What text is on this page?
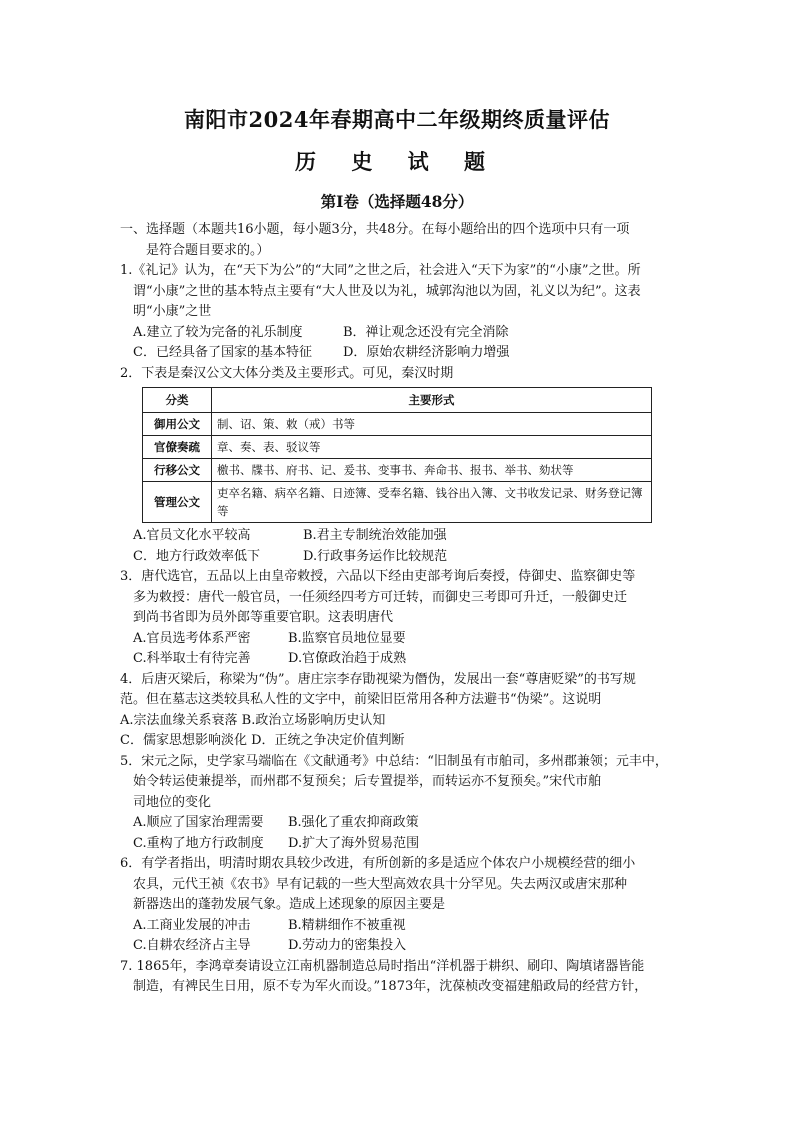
南阳市2024年春期高中二年级期终质量评估
历 史 试 题
第I卷（选择题48分）

一、选择题（本题共16小题，每小题3分，共48分。在每小题给出的四个选项中只有一项

是符合题目要求的。）

1.《礼记》认为，在“天下为公”的“大同”之世之后，社会进入“天下为家”的“小康”之世。所

谓“小康”之世的基本特点主要有“大人世及以为礼，城郭沟池以为固，礼义以为纪”。这表

明“小康”之世

A.建立了较为完备的礼乐制度	B．禅让观念还没有完全消除
C．已经具备了国家的基本特征	D．原始农耕经济影响力增强

2．下表是秦汉公文大体分类及主要形式。可见，秦汉时期

分类	主要形式
御用公文	制、诏、策、敕（戒）书等
官僚奏疏	章、奏、表、驳议等
行移公文	檄书、牒书、府书、记、爰书、变事书、奔命书、报书、举书、劾状等
管理公文	吏卒名籍、病卒名籍、日迹簿、受奉名籍、钱谷出入簿、文书收发记录、财务登记簿等
A.官员文化水平较高	B.君主专制统治效能加强
C．地方行政效率低下	D.行政事务运作比较规范

3．唐代选官，五品以上由皇帝敕授，六品以下经由吏部考询后奏授，侍御史、监察御史等

多为敕授：唐代一般官员，一任须经四考方可迁转，而御史三考即可升迁，一般御史迁

到尚书省即为员外郎等重要官职。这表明唐代

A.官员选考体系严密	B.监察官员地位显要
C.科举取士有待完善	D.官僚政治趋于成熟

4．后唐灭梁后，称梁为“伪”。唐庄宗李存勖视梁为僭伪，发展出一套“尊唐贬梁”的书写规

范。但在墓志这类较具私人性的文字中，前梁旧臣常用各种方法避书“伪梁”。这说明

A.宗法血缘关系衰落 B.政治立场影响历史认知

C．儒家思想影响淡化 D．正统之争决定价值判断

5．宋元之际，史学家马端临在《文献通考》中总结：“旧制虽有市舶司，多州郡兼领；元丰中，

始令转运使兼提举，而州郡不复预矣；后专置提举，而转运亦不复预矣。”宋代市舶

司地位的变化

A.顺应了国家治理需要	B.强化了重农抑商政策
C.重构了地方行政制度	D.扩大了海外贸易范围

6．有学者指出，明清时期农具较少改进，有所创新的多是适应个体农户小规模经营的细小

农具，元代王祯《农书》早有记载的一些大型高效农具十分罕见。失去两汉或唐宋那种

新器迭出的蓬勃发展气象。造成上述现象的原因主要是

A.工商业发展的冲击	B.精耕细作不被重视
C.自耕农经济占主导	D.劳动力的密集投入

7. 1865年，李鸿章奏请设立江南机器制造总局时指出“洋机器于耕织、刷印、陶填诸器皆能

制造，有裨民生日用，原不专为军火而设。”1873年，沈葆桢改变福建船政局的经营方针，
